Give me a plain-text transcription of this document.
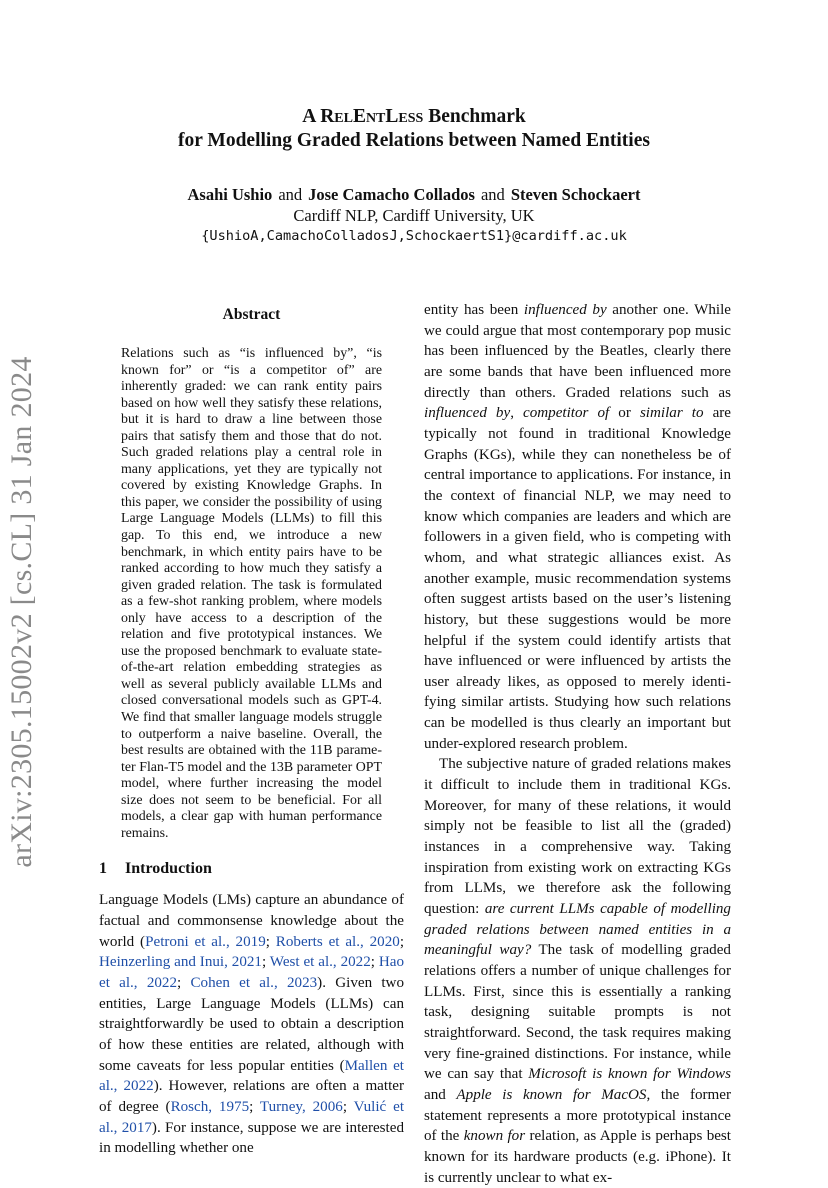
arXiv:2305.15002v2 [cs.CL] 31 Jan 2024
A RelEntLess Benchmark
for Modelling Graded Relations between Named Entities
Asahi Ushio and Jose Camacho Collados and Steven Schockaert
Cardiff NLP, Cardiff University, UK
{UshioA,CamachoColladosJ,SchockaertS1}@cardiff.ac.uk
Abstract

Relations such as “is influenced by”, “is known for” or “is a competitor of” are inherently graded: we can rank entity pairs based on how well they satisfy these relations, but it is hard to draw a line between those pairs that satisfy them and those that do not. Such graded relations play a central role in many applications, yet they are typically not covered by existing Knowledge Graphs. In this paper, we consider the possibility of using Large Language Models (LLMs) to fill this gap. To this end, we introduce a new benchmark, in which entity pairs have to be ranked according to how much they satisfy a given graded relation. The task is formulated as a few-shot ranking problem, where models only have access to a description of the relation and five prototypical instances. We use the proposed benchmark to evaluate state-of-the-art relation embedding strategies as well as several publicly available LLMs and closed conversational models such as GPT-4. We find that smaller language models struggle to outperform a naive baseline. Overall, the best results are obtained with the 11B parameter Flan-T5 model and the 13B parameter OPT model, where further increasing the model size does not seem to be beneficial. For all models, a clear gap with human performance remains.

1 Introduction

Language Models (LMs) capture an abundance of factual and commonsense knowledge about the world (Petroni et al., 2019; Roberts et al., 2020; Heinzerling and Inui, 2021; West et al., 2022; Hao et al., 2022; Cohen et al., 2023). Given two entities, Large Language Models (LLMs) can straightforwardly be used to obtain a description of how these entities are related, although with some caveats for less popular entities (Mallen et al., 2022). However, relations are often a matter of degree (Rosch, 1975; Turney, 2006; Vulić et al., 2017). For instance, suppose we are interested in modelling whether one

entity has been influenced by another one. While we could argue that most contemporary pop music has been influenced by the Beatles, clearly there are some bands that have been influenced more directly than others. Graded relations such as influenced by, competitor of or similar to are typically not found in traditional Knowledge Graphs (KGs), while they can nonetheless be of central importance to applications. For instance, in the context of financial NLP, we may need to know which companies are leaders and which are followers in a given field, who is competing with whom, and what strategic alliances exist. As another example, music recommendation systems often suggest artists based on the user’s listening history, but these suggestions would be more helpful if the system could identify artists that have influenced or were influenced by artists the user already likes, as opposed to merely identifying similar artists. Studying how such relations can be modelled is thus clearly an important but under-explored research problem.

The subjective nature of graded relations makes it difficult to include them in traditional KGs. Moreover, for many of these relations, it would simply not be feasible to list all the (graded) instances in a comprehensive way. Taking inspiration from existing work on extracting KGs from LLMs, we therefore ask the following question: are current LLMs capable of modelling graded relations between named entities in a meaningful way? The task of modelling graded relations offers a number of unique challenges for LLMs. First, since this is essentially a ranking task, designing suitable prompts is not straightforward. Second, the task requires making very fine-grained distinctions. For instance, while we can say that Microsoft is known for Windows and Apple is known for MacOS, the former statement represents a more prototypical instance of the known for relation, as Apple is perhaps best known for its hardware products (e.g. iPhone). It is currently unclear to what ex-
